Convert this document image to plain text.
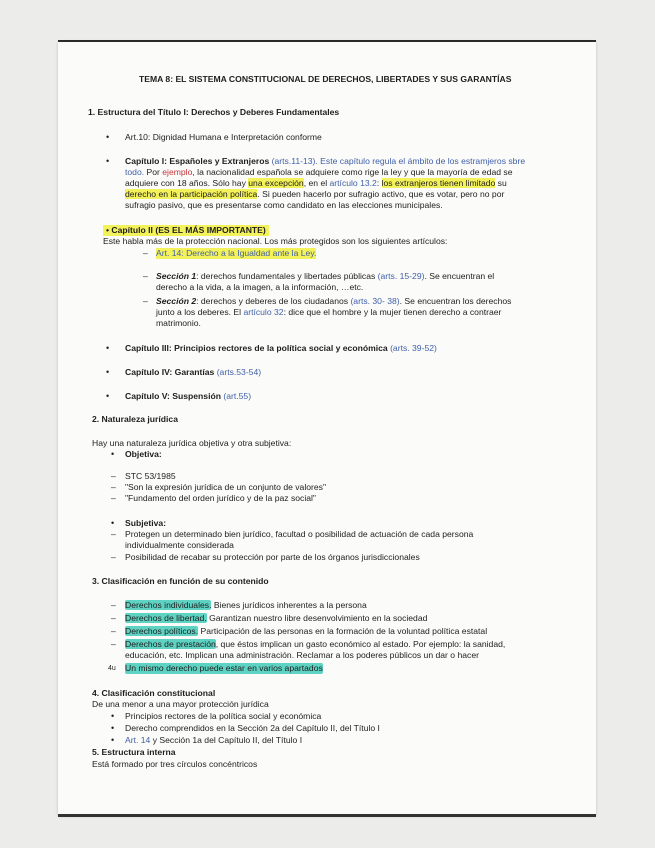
TEMA 8: EL SISTEMA CONSTITUCIONAL DE DERECHOS, LIBERTADES Y SUS GARANTÍAS
1. Estructura del Título I: Derechos y Deberes Fundamentales
• Art.10: Dignidad Humana e Interpretación conforme
• Capítulo I: Españoles y Extranjeros (arts.11-13). Este capítulo regula el ámbito de los estramjeros sbre
todo. Por ejemplo, la nacionalidad española se adquiere como rige la ley y que la mayoría de edad se
adquiere con 18 años. Sólo hay una excepción, en el artículo 13.2: los extranjeros tienen limitado su
derecho en la participación política. Si pueden hacerlo por sufragio activo, que es votar, pero no por
sufragio pasivo, que es presentarse como candidato en las elecciones municipales.
• Capítulo II (ES EL MÁS IMPORTANTE)
Este habla más de la protección nacional. Los más protegidos son los siguientes artículos:
– Art. 14: Derecho a la Igualdad ante la Ley.
– Sección 1: derechos fundamentales y libertades públicas (arts. 15-29). Se encuentran el
derecho a la vida, a la imagen, a la información, …etc.
– Sección 2: derechos y deberes de los ciudadanos (arts. 30- 38). Se encuentran los derechos
junto a los deberes. El artículo 32: dice que el hombre y la mujer tienen derecho a contraer
matrimonio.
• Capítulo III: Principios rectores de la política social y económica (arts. 39-52)
• Capítulo IV: Garantías (arts.53-54)
• Capítulo V: Suspensión (art.55)
2. Naturaleza jurídica
Hay una naturaleza jurídica objetiva y otra subjetiva:
• Objetiva:
– STC 53/1985
– "Son la expresión jurídica de un conjunto de valores"
– "Fundamento del orden jurídico y de la paz social"
• Subjetiva:
– Protegen un determinado bien jurídico, facultad o posibilidad de actuación de cada persona
individualmente considerada
– Posibilidad de recabar su protección por parte de los órganos jurisdiccionales
3. Clasificación en función de su contenido
– Derechos individuales. Bienes jurídicos inherentes a la persona
– Derechos de libertad. Garantizan nuestro libre desenvolvimiento en la sociedad
– Derechos políticos. Participación de las personas en la formación de la voluntad política estatal
– Derechos de prestación, que éstos implican un gasto económico al estado. Por ejemplo: la sanidad,
educación, etc. Implican una administración. Reclamar a los poderes públicos un dar o hacer
4u Un mismo derecho puede estar en varios apartados
4. Clasificación constitucional
De una menor a una mayor protección jurídica
• Principios rectores de la política social y económica
• Derecho comprendidos en la Sección 2a del Capítulo II, del Título I
• Art. 14 y Sección 1a del Capítulo II, del Título I
5. Estructura interna
Está formado por tres círculos concéntricos
